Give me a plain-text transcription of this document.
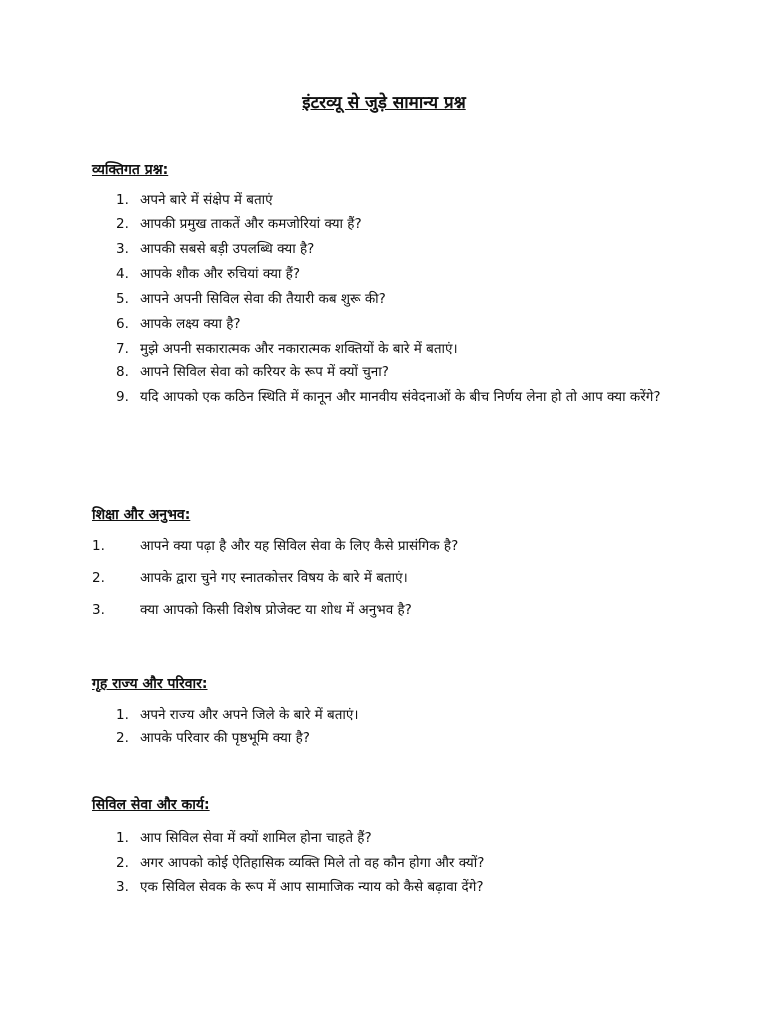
इंटरव्यू से जुड़े सामान्य प्रश्न
व्यक्तिगत प्रश्न:
1. अपने बारे में संक्षेप में बताएं
2. आपकी प्रमुख ताकतें और कमजोरियां क्या हैं?
3. आपकी सबसे बड़ी उपलब्धि क्या है?
4. आपके शौक और रुचियां क्या हैं?
5. आपने अपनी सिविल सेवा की तैयारी कब शुरू की?
6. आपके लक्ष्य क्या है?
7. मुझे अपनी सकारात्मक और नकारात्मक शक्तियों के बारे में बताएं।
8. आपने सिविल सेवा को करियर के रूप में क्यों चुना?
9. यदि आपको एक कठिन स्थिति में कानून और मानवीय संवेदनाओं के बीच निर्णय लेना हो तो आप क्या करेंगे?
शिक्षा और अनुभव:
1.	आपने क्या पढ़ा है और यह सिविल सेवा के लिए कैसे प्रासंगिक है?
2.	आपके द्वारा चुने गए स्नातकोत्तर विषय के बारे में बताएं।
3.	क्या आपको किसी विशेष प्रोजेक्ट या शोध में अनुभव है?
गृह राज्य और परिवार:
1. अपने राज्य और अपने जिले के बारे में बताएं।
2. आपके परिवार की पृष्ठभूमि क्या है?
सिविल सेवा और कार्य:
1. आप सिविल सेवा में क्यों शामिल होना चाहते हैं?
2. अगर आपको कोई ऐतिहासिक व्यक्ति मिले तो वह कौन होगा और क्यों?
3. एक सिविल सेवक के रूप में आप सामाजिक न्याय को कैसे बढ़ावा देंगे?
